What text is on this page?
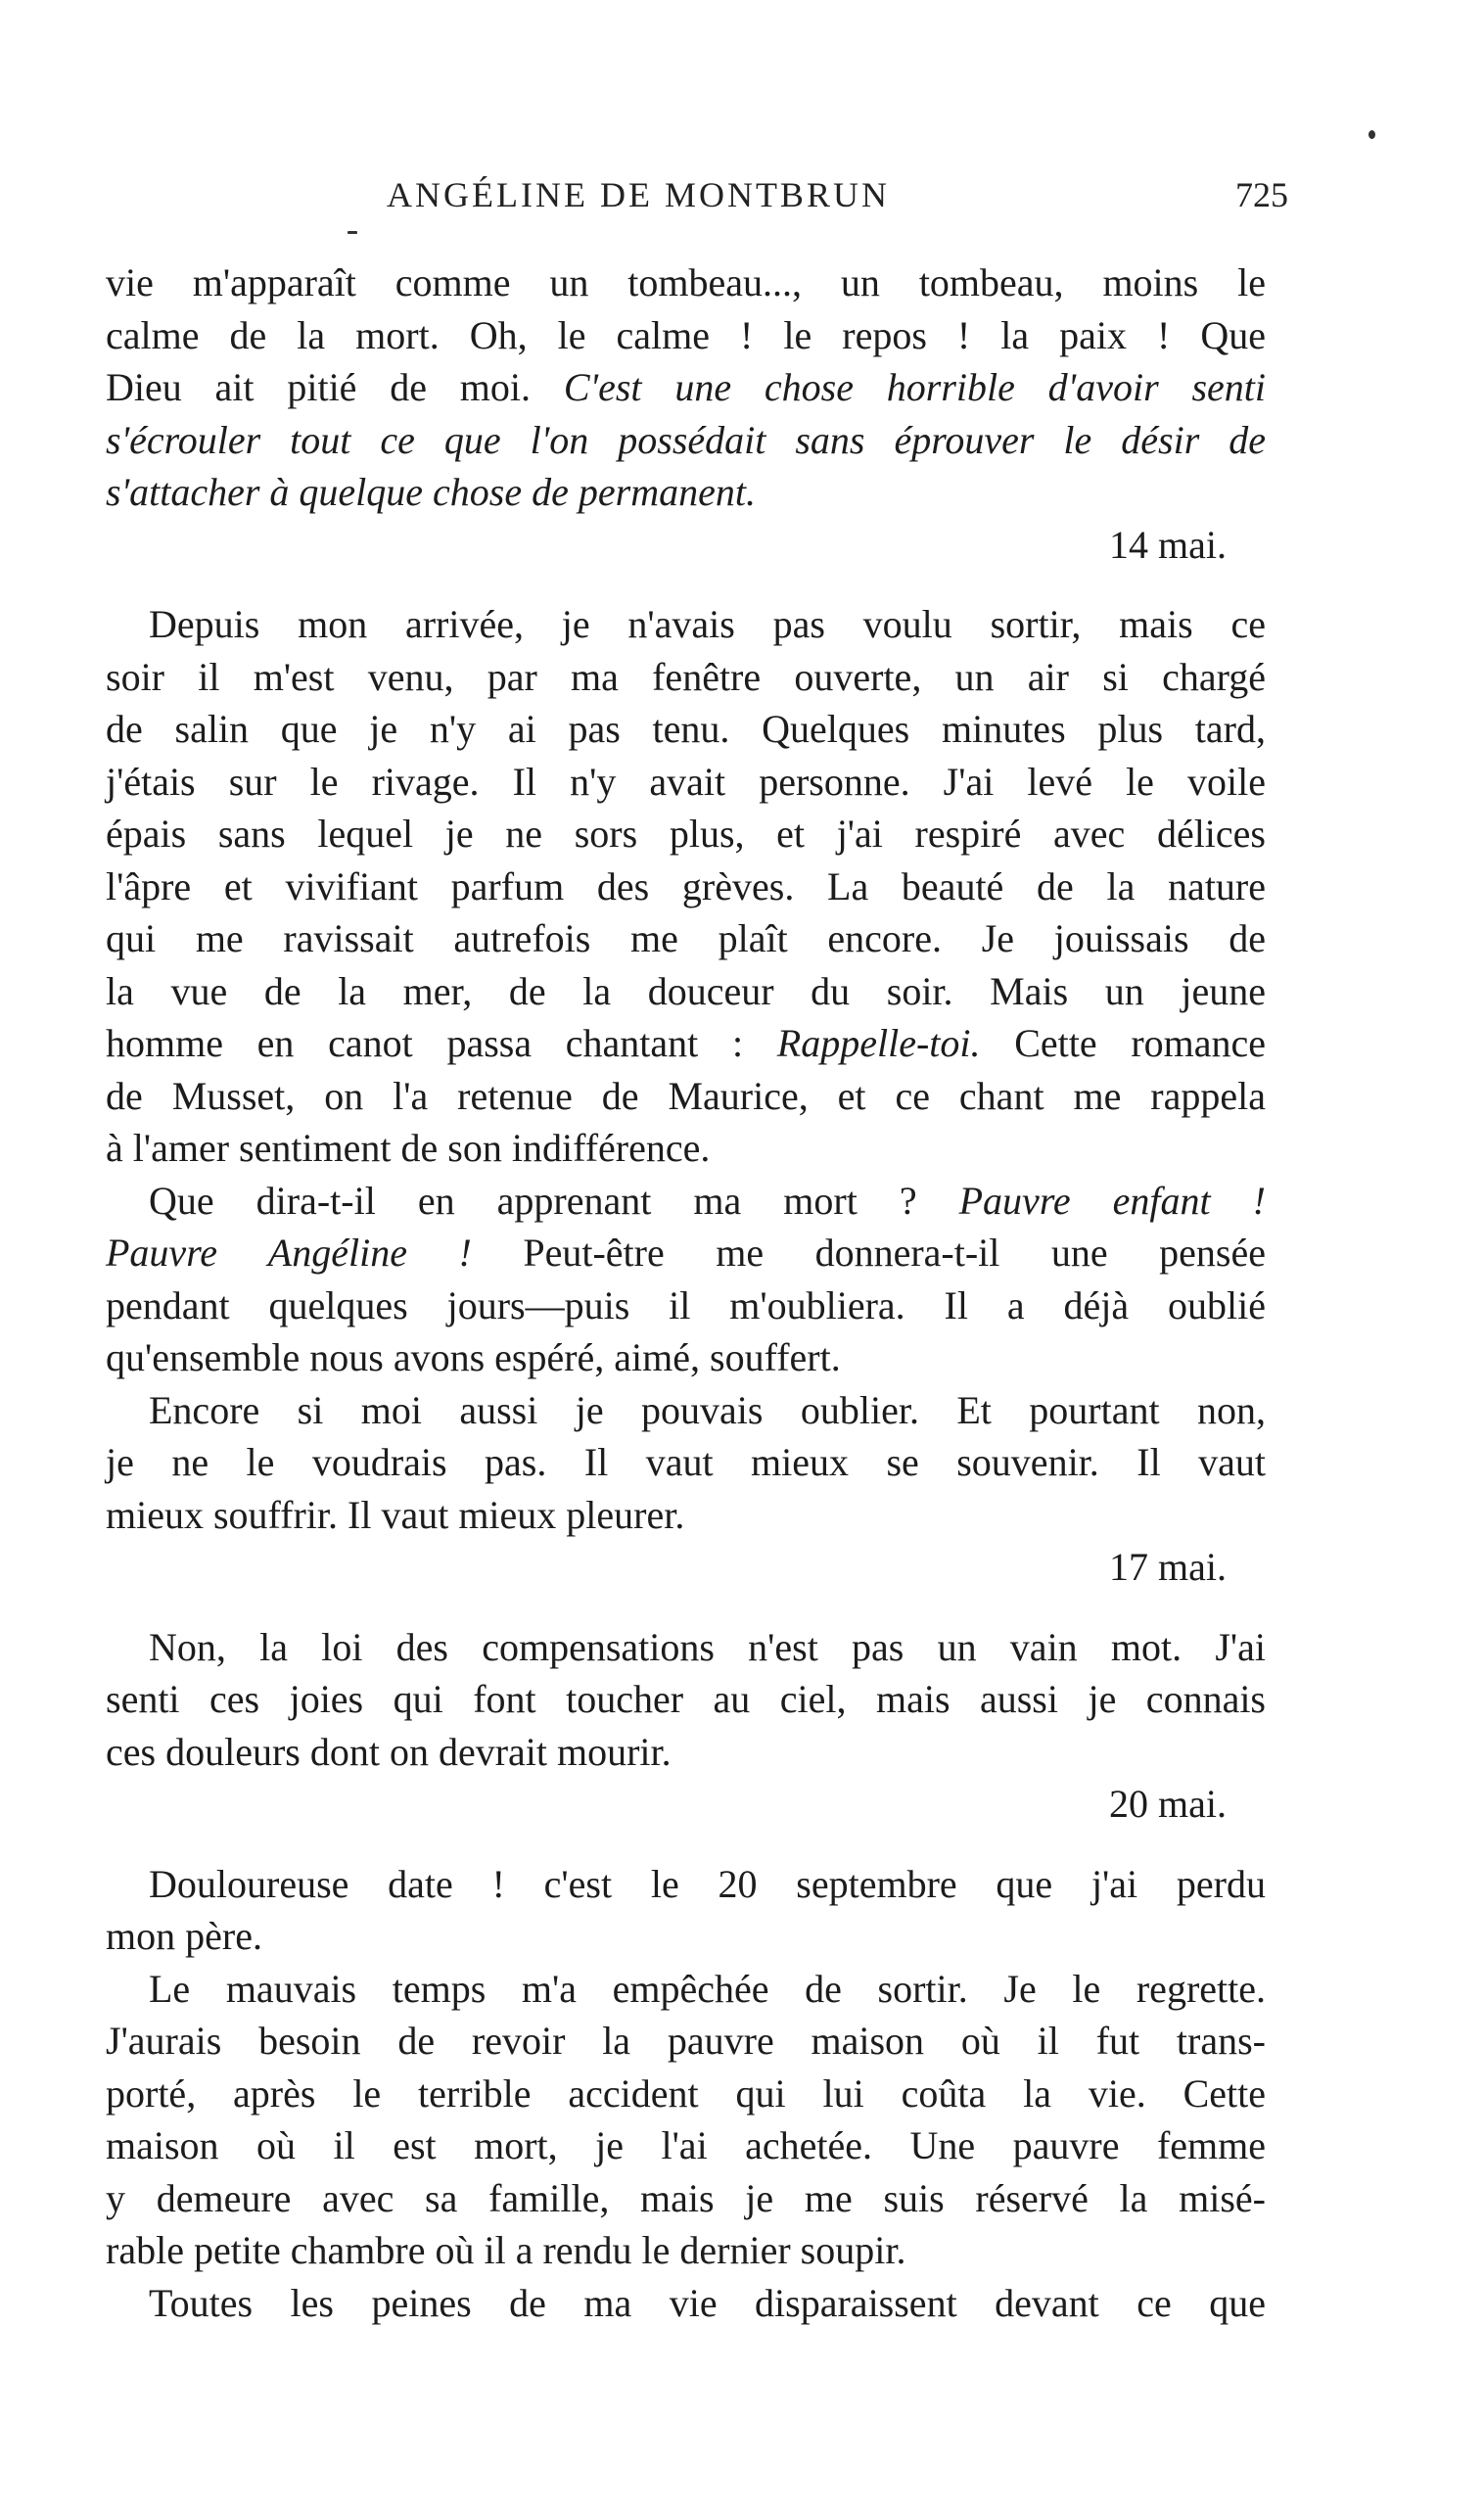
ANGÉLINE DE MONTBRUN	725
vie m'apparaît comme un tombeau..., un tombeau, moins le
calme de la mort. Oh, le calme ! le repos ! la paix ! Que
Dieu ait pitié de moi. C'est une chose horrible d'avoir senti
s'écrouler tout ce que l'on possédait sans éprouver le désir de
s'attacher à quelque chose de permanent.
14 mai.
Depuis mon arrivée, je n'avais pas voulu sortir, mais ce
soir il m'est venu, par ma fenêtre ouverte, un air si chargé
de salin que je n'y ai pas tenu. Quelques minutes plus tard,
j'étais sur le rivage. Il n'y avait personne. J'ai levé le voile
épais sans lequel je ne sors plus, et j'ai respiré avec délices
l'âpre et vivifiant parfum des grèves. La beauté de la nature
qui me ravissait autrefois me plaît encore. Je jouissais de
la vue de la mer, de la douceur du soir. Mais un jeune
homme en canot passa chantant : Rappelle-toi. Cette romance
de Musset, on l'a retenue de Maurice, et ce chant me rappela
à l'amer sentiment de son indifférence.
Que dira-t-il en apprenant ma mort ? Pauvre enfant !
Pauvre Angéline ! Peut-être me donnera-t-il une pensée
pendant quelques jours—puis il m'oubliera. Il a déjà oublié
qu'ensemble nous avons espéré, aimé, souffert.
Encore si moi aussi je pouvais oublier. Et pourtant non,
je ne le voudrais pas. Il vaut mieux se souvenir. Il vaut
mieux souffrir. Il vaut mieux pleurer.
17 mai.
Non, la loi des compensations n'est pas un vain mot. J'ai
senti ces joies qui font toucher au ciel, mais aussi je connais
ces douleurs dont on devrait mourir.
20 mai.
Douloureuse date ! c'est le 20 septembre que j'ai perdu
mon père.
Le mauvais temps m'a empêchée de sortir. Je le regrette.
J'aurais besoin de revoir la pauvre maison où il fut trans-
porté, après le terrible accident qui lui coûta la vie. Cette
maison où il est mort, je l'ai achetée. Une pauvre femme
y demeure avec sa famille, mais je me suis réservé la misé-
rable petite chambre où il a rendu le dernier soupir.
Toutes les peines de ma vie disparaissent devant ce que
